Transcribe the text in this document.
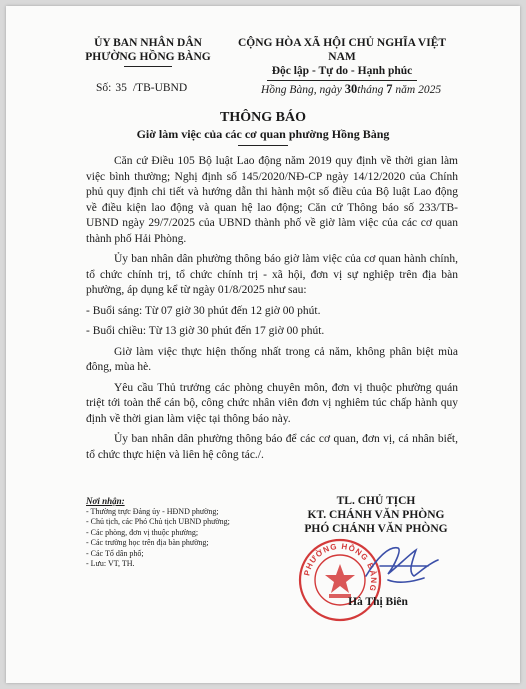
ỦY BAN NHÂN DÂN
PHƯỜNG HỒNG BÀNG
CỘNG HÒA XÃ HỘI CHỦ NGHĨA VIỆT NAM
Độc lập - Tự do - Hạnh phúc
Số: 35 /TB-UBND	Hồng Bàng, ngày 30tháng 7 năm 2025
THÔNG BÁO
Giờ làm việc của các cơ quan phường Hồng Bàng

Căn cứ Điều 105 Bộ luật Lao động năm 2019 quy định về thời gian làm việc bình thường; Nghị định số 145/2020/NĐ-CP ngày 14/12/2020 của Chính phủ quy định chi tiết và hướng dẫn thi hành một số điều của Bộ luật Lao động về điều kiện lao động và quan hệ lao động; Căn cứ Thông báo số 233/TB-UBND ngày 29/7/2025 của UBND thành phố về giờ làm việc của các cơ quan thành phố Hải Phòng.

Ủy ban nhân dân phường thông báo giờ làm việc của cơ quan hành chính, tổ chức chính trị, tổ chức chính trị - xã hội, đơn vị sự nghiệp trên địa bàn phường, áp dụng kể từ ngày 01/8/2025 như sau:

- Buổi sáng: Từ 07 giờ 30 phút đến 12 giờ 00 phút.

- Buổi chiều: Từ 13 giờ 30 phút đến 17 giờ 00 phút.

Giờ làm việc thực hiện thống nhất trong cả năm, không phân biệt mùa đông, mùa hè.

Yêu cầu Thủ trưởng các phòng chuyên môn, đơn vị thuộc phường quán triệt tới toàn thể cán bộ, công chức nhân viên đơn vị nghiêm túc chấp hành quy định về thời gian làm việc tại thông báo này.

Ủy ban nhân dân phường thông báo để các cơ quan, đơn vị, cá nhân biết, tổ chức thực hiện và liên hệ công tác./.

Nơi nhận:
- Thường trực Đảng ủy - HĐND phường;
- Chủ tịch, các Phó Chủ tịch UBND phường;
- Các phòng, đơn vị thuộc phường;
- Các trường học trên địa bàn phường;
- Các Tổ dân phố;
- Lưu: VT, TH.
TL. CHỦ TỊCH
KT. CHÁNH VĂN PHÒNG
PHÓ CHÁNH VĂN PHÒNG
PHƯỜNG HỒNG BÀNG
Hà Thị Biên
